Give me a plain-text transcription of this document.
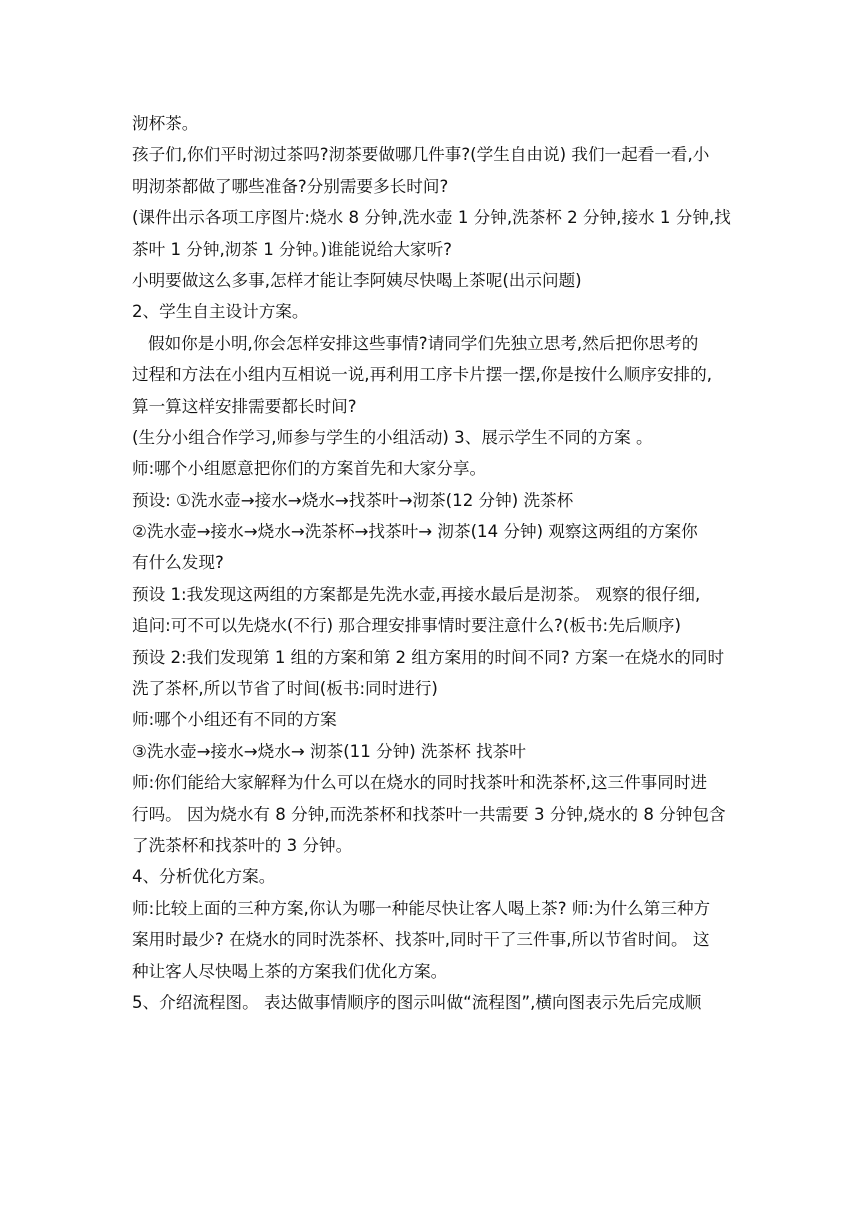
沏杯茶。
孩子们,你们平时沏过茶吗?沏茶要做哪几件事?(学生自由说) 我们一起看一看,小
明沏茶都做了哪些准备?分别需要多长时间?
(课件出示各项工序图片:烧水 8 分钟,洗水壶 1 分钟,洗茶杯 2 分钟,接水 1 分钟,找
茶叶 1 分钟,沏茶 1 分钟。)谁能说给大家听?
小明要做这么多事,怎样才能让李阿姨尽快喝上茶呢(出示问题)
2、学生自主设计方案。
假如你是小明,你会怎样安排这些事情?请同学们先独立思考,然后把你思考的
过程和方法在小组内互相说一说,再利用工序卡片摆一摆,你是按什么顺序安排的,
算一算这样安排需要都长时间?
(生分小组合作学习,师参与学生的小组活动) 3、展示学生不同的方案 。
师:哪个小组愿意把你们的方案首先和大家分享。
预设: ①洗水壶→接水→烧水→找茶叶→沏茶(12 分钟) 洗茶杯
②洗水壶→接水→烧水→洗茶杯→找茶叶→ 沏茶(14 分钟) 观察这两组的方案你
有什么发现?
预设 1:我发现这两组的方案都是先洗水壶,再接水最后是沏茶。 观察的很仔细,
追问:可不可以先烧水(不行) 那合理安排事情时要注意什么?(板书:先后顺序)
预设 2:我们发现第 1 组的方案和第 2 组方案用的时间不同? 方案一在烧水的同时
洗了茶杯,所以节省了时间(板书:同时进行)
师:哪个小组还有不同的方案
③洗水壶→接水→烧水→ 沏茶(11 分钟) 洗茶杯 找茶叶
师:你们能给大家解释为什么可以在烧水的同时找茶叶和洗茶杯,这三件事同时进
行吗。 因为烧水有 8 分钟,而洗茶杯和找茶叶一共需要 3 分钟,烧水的 8 分钟包含
了洗茶杯和找茶叶的 3 分钟。
4、分析优化方案。
师:比较上面的三种方案,你认为哪一种能尽快让客人喝上茶? 师:为什么第三种方
案用时最少? 在烧水的同时洗茶杯、找茶叶,同时干了三件事,所以节省时间。 这
种让客人尽快喝上茶的方案我们优化方案。
5、介绍流程图。 表达做事情顺序的图示叫做“流程图”,横向图表示先后完成顺
